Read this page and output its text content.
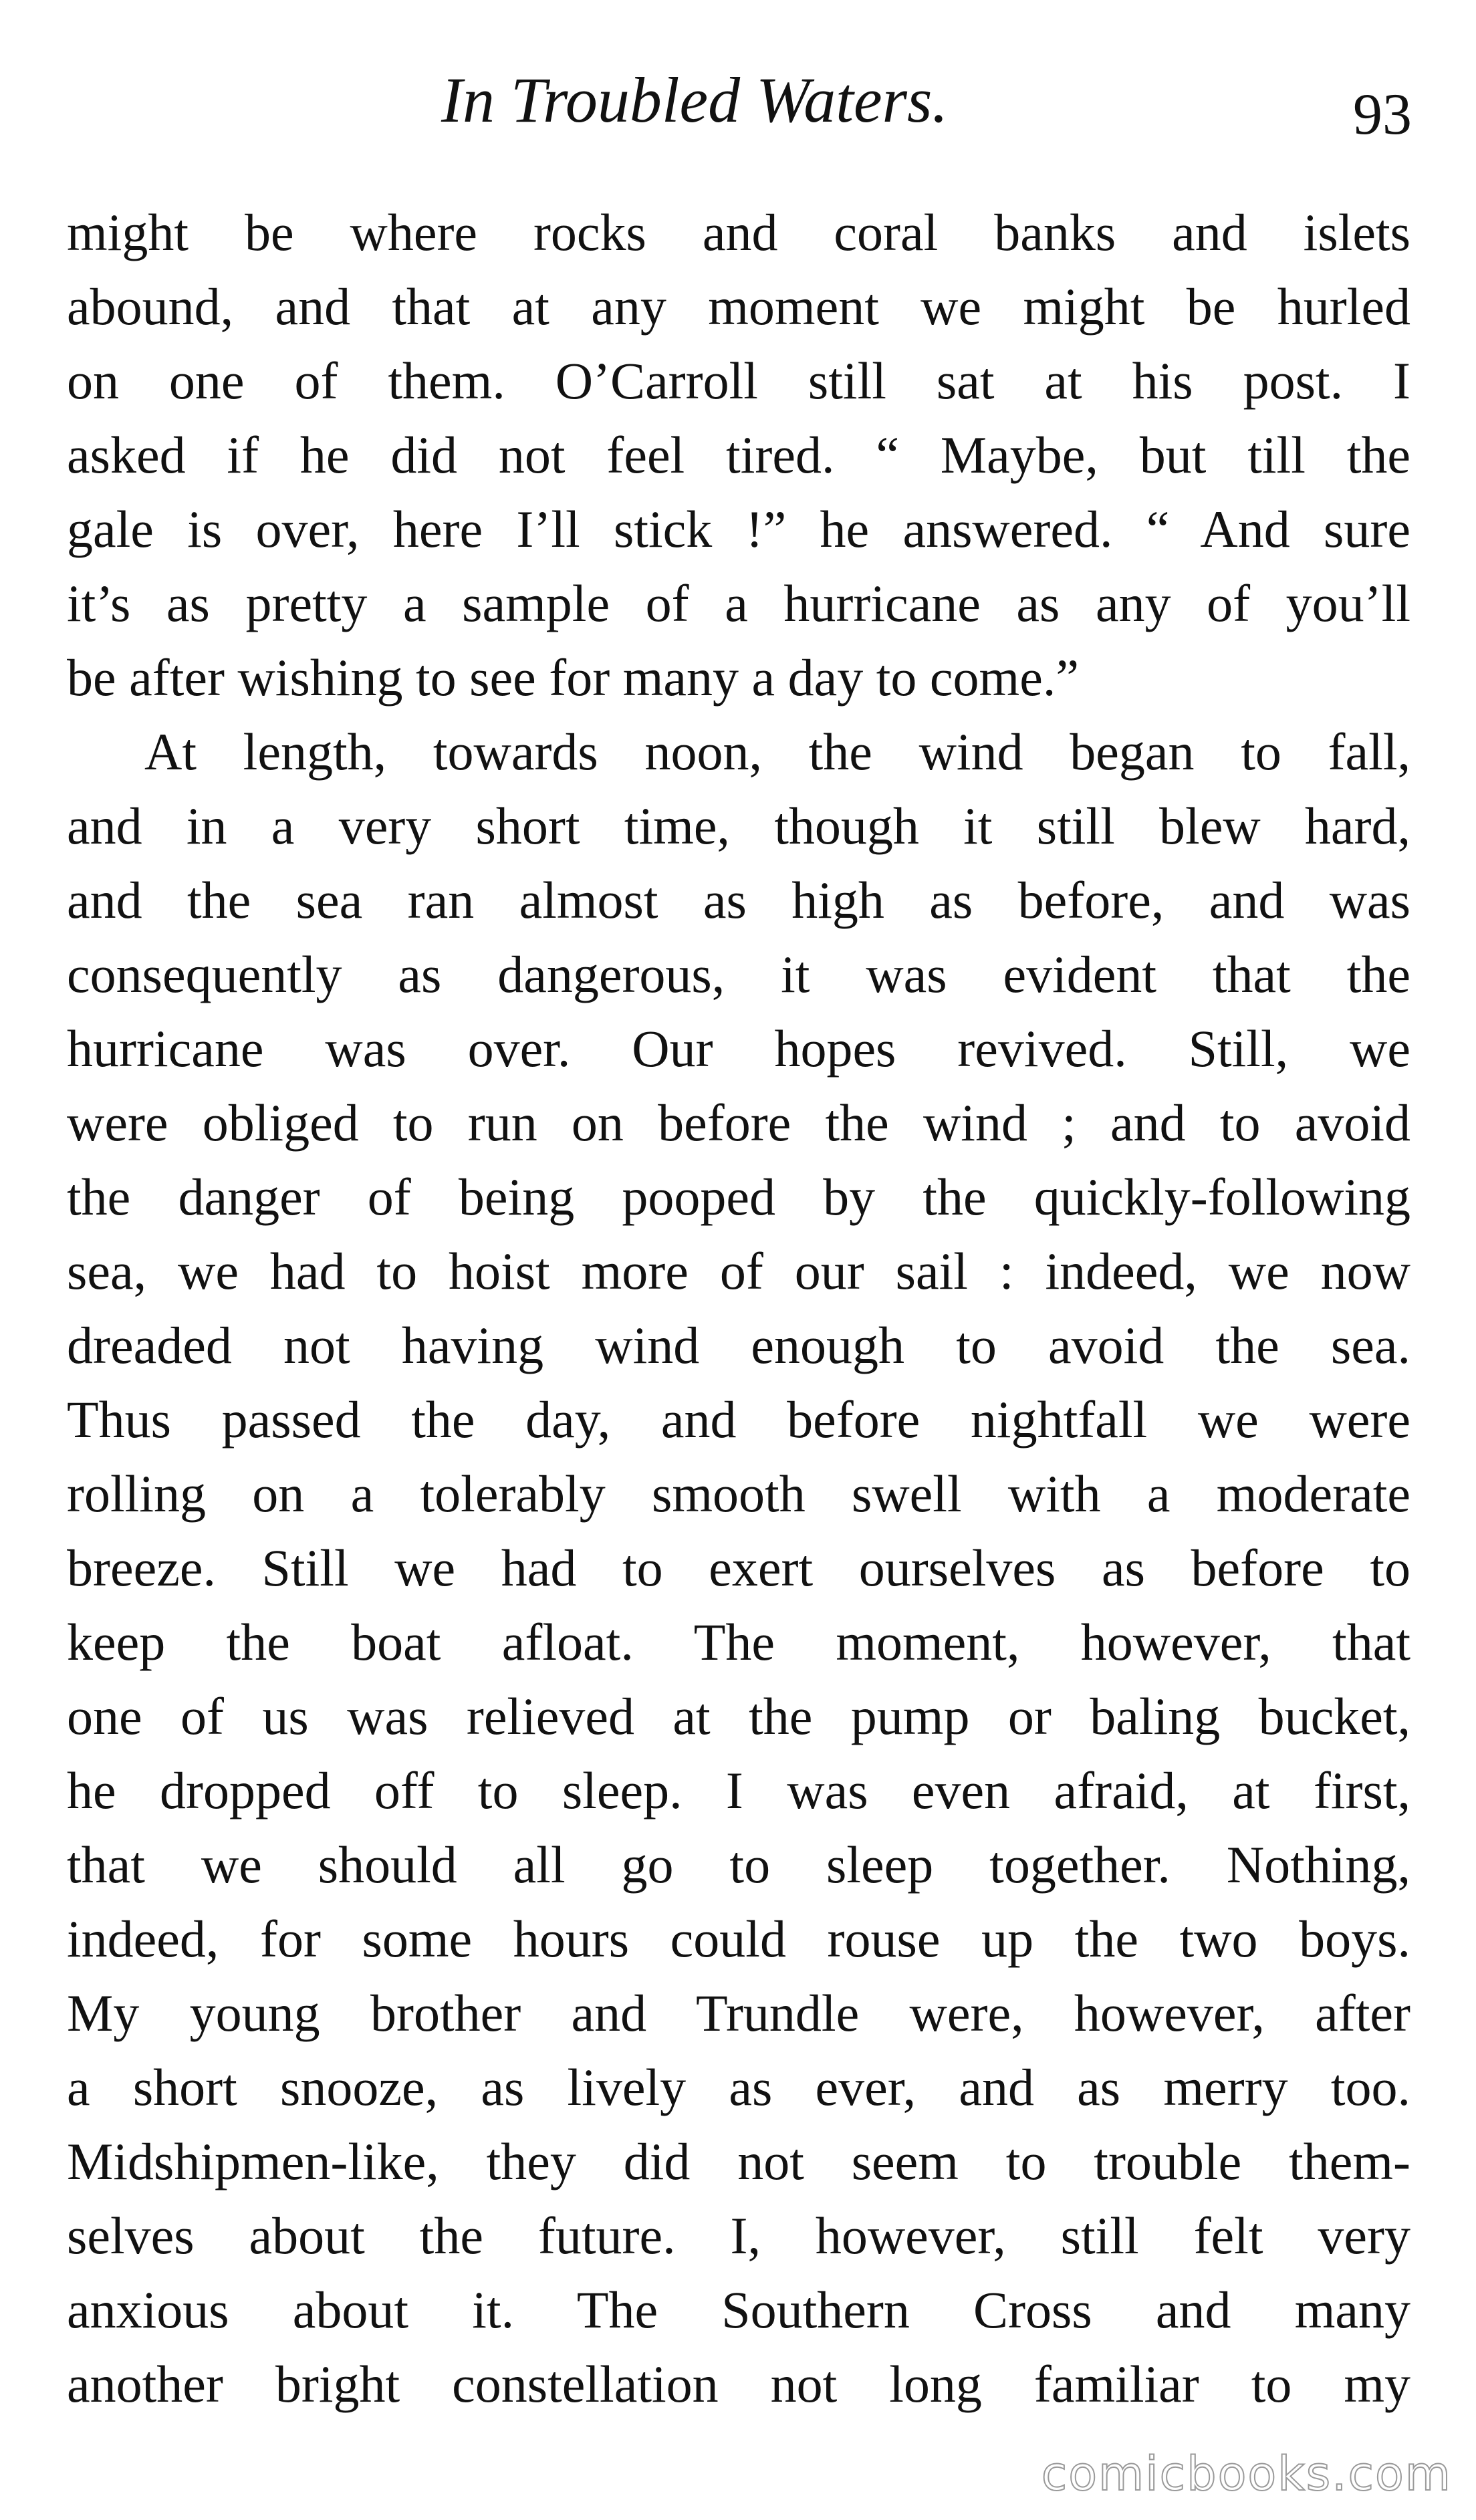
In Troubled Waters.	93
might be where rocks and coral banks and islets
abound, and that at any moment we might be hurled
on one of them. O’Carroll still sat at his post. I
asked if he did not feel tired. “ Maybe, but till the
gale is over, here I’ll stick !” he answered. “ And sure
it’s as pretty a sample of a hurricane as any of you’ll
be after wishing to see for many a day to come.”
At length, towards noon, the wind began to fall,
and in a very short time, though it still blew hard,
and the sea ran almost as high as before, and was
consequently as dangerous, it was evident that the
hurricane was over. Our hopes revived. Still, we
were obliged to run on before the wind ; and to avoid
the danger of being pooped by the quickly-following
sea, we had to hoist more of our sail : indeed, we now
dreaded not having wind enough to avoid the sea.
Thus passed the day, and before nightfall we were
rolling on a tolerably smooth swell with a moderate
breeze. Still we had to exert ourselves as before to
keep the boat afloat. The moment, however, that
one of us was relieved at the pump or baling bucket,
he dropped off to sleep. I was even afraid, at first,
that we should all go to sleep together. Nothing,
indeed, for some hours could rouse up the two boys.
My young brother and Trundle were, however, after
a short snooze, as lively as ever, and as merry too.
Midshipmen-like, they did not seem to trouble them-
selves about the future. I, however, still felt very
anxious about it. The Southern Cross and many
another bright constellation not long familiar to my
comicbooks.com
